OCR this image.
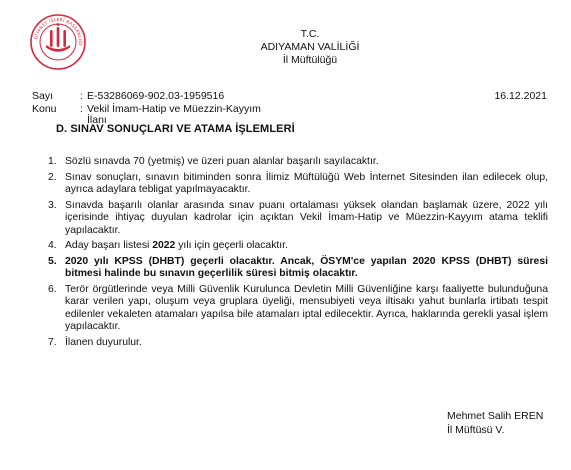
DİYANET İŞLERİ BAŞKANLIĞI
T.C.
ADIYAMAN VALİLİĞİ
İl Müftülüğü
Sayı	: E-53286069-902.03-1959516	16.12.2021
Konu : Vekil İmam-Hatip ve Müezzin-Kayyım
İlanı
D. SINAV SONUÇLARI VE ATAMA İŞLEMLERİ
1. Sözlü sınavda 70 (yetmiş) ve üzeri puan alanlar başarılı sayılacaktır.
2. Sınav sonuçları, sınavın bitiminden sonra İlimiz Müftülüğü Web İnternet Sitesinden ilan edilecek olup, ayrıca adaylara tebligat yapılmayacaktır.
3. Sınavda başarılı olanlar arasında sınav puanı ortalaması yüksek olandan başlamak üzere, 2022 yılı içerisinde ihtiyaç duyulan kadrolar için açıktan Vekil İmam-Hatip ve Müezzin-Kayyım atama teklifi yapılacaktır.
4. Aday başarı listesi 2022 yılı için geçerli olacaktır.
5. 2020 yılı KPSS (DHBT) geçerli olacaktır. Ancak, ÖSYM'ce yapılan 2020 KPSS (DHBT) süresi bitmesi halinde bu sınavın geçerlilik süresi bitmiş olacaktır.
6. Terör örgütlerinde veya Milli Güvenlik Kurulunca Devletin Milli Güvenliğine karşı faaliyette bulunduğuna karar verilen yapı, oluşum veya gruplara üyeliği, mensubiyeti veya iltisakı yahut bunlarla irtibatı tespit edilenler vekaleten atamaları yapılsa bile atamaları iptal edilecektir. Ayrıca, haklarında gerekli yasal işlem yapılacaktır.
7. İlanen duyurulur.
Mehmet Salih EREN
İl Müftüsü V.
